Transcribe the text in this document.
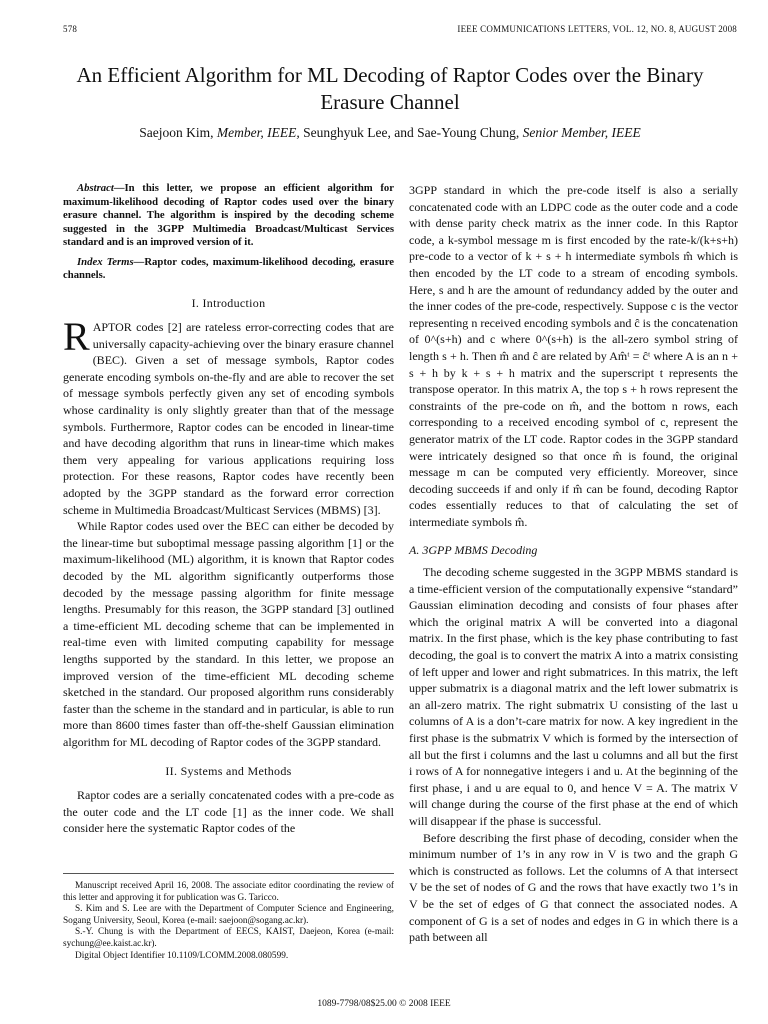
578	IEEE COMMUNICATIONS LETTERS, VOL. 12, NO. 8, AUGUST 2008
An Efficient Algorithm for ML Decoding of Raptor Codes over the Binary Erasure Channel
Saejoon Kim, Member, IEEE, Seunghyuk Lee, and Sae-Young Chung, Senior Member, IEEE

Abstract—In this letter, we propose an efficient algorithm for maximum-likelihood decoding of Raptor codes used over the binary erasure channel. The algorithm is inspired by the decoding scheme suggested in the 3GPP Multimedia Broadcast/Multicast Services standard and is an improved version of it.

Index Terms—Raptor codes, maximum-likelihood decoding, erasure channels.

I. Introduction

RAPTOR codes [2] are rateless error-correcting codes that are universally capacity-achieving over the binary erasure channel (BEC). Given a set of message symbols, Raptor codes generate encoding symbols on-the-fly and are able to recover the set of message symbols perfectly given any set of encoding symbols whose cardinality is only slightly greater than that of the message symbols. Furthermore, Raptor codes can be encoded in linear-time and have decoding algorithm that runs in linear-time which makes them very appealing for various applications requiring loss protection. For these reasons, Raptor codes have recently been adopted by the 3GPP standard as the forward error correction scheme in Multimedia Broadcast/Multicast Services (MBMS) [3].

While Raptor codes used over the BEC can either be decoded by the linear-time but suboptimal message passing algorithm [1] or the maximum-likelihood (ML) algorithm, it is known that Raptor codes decoded by the ML algorithm significantly outperforms those decoded by the message passing algorithm for finite message lengths. Presumably for this reason, the 3GPP standard [3] outlined a time-efficient ML decoding scheme that can be implemented in real-time even with limited computing capability for message lengths supported by the standard. In this letter, we propose an improved version of the time-efficient ML decoding scheme sketched in the standard. Our proposed algorithm runs considerably faster than the scheme in the standard and in particular, is able to run more than 8600 times faster than off-the-shelf Gaussian elimination algorithm for ML decoding of Raptor codes of the 3GPP standard.

II. Systems and Methods

Raptor codes are a serially concatenated codes with a pre-code as the outer code and the LT code [1] as the inner code. We shall consider here the systematic Raptor codes of the

Manuscript received April 16, 2008. The associate editor coordinating the review of this letter and approving it for publication was G. Taricco.

S. Kim and S. Lee are with the Department of Computer Science and Engineering, Sogang University, Seoul, Korea (e-mail: saejoon@sogang.ac.kr).

S.-Y. Chung is with the Department of EECS, KAIST, Daejeon, Korea (e-mail: sychung@ee.kaist.ac.kr).

Digital Object Identifier 10.1109/LCOMM.2008.080599.

3GPP standard in which the pre-code itself is also a serially concatenated code with an LDPC code as the outer code and a code with dense parity check matrix as the inner code. In this Raptor code, a k-symbol message m is first encoded by the rate-k/(k+s+h) pre-code to a vector of k + s + h intermediate symbols m̂ which is then encoded by the LT code to a stream of encoding symbols. Here, s and h are the amount of redundancy added by the outer and the inner codes of the pre-code, respectively. Suppose c is the vector representing n received encoding symbols and ĉ is the concatenation of 0^(s+h) and c where 0^(s+h) is the all-zero symbol string of length s + h. Then m̂ and ĉ are related by Am̂ᵗ = ĉᵗ where A is an n + s + h by k + s + h matrix and the superscript t represents the transpose operator. In this matrix A, the top s + h rows represent the constraints of the pre-code on m̂, and the bottom n rows, each corresponding to a received encoding symbol of c, represent the generator matrix of the LT code. Raptor codes in the 3GPP standard were intricately designed so that once m̂ is found, the original message m can be computed very efficiently. Moreover, since decoding succeeds if and only if m̂ can be found, decoding Raptor codes essentially reduces to that of calculating the set of intermediate symbols m̂.

A. 3GPP MBMS Decoding

The decoding scheme suggested in the 3GPP MBMS standard is a time-efficient version of the computationally expensive “standard” Gaussian elimination decoding and consists of four phases after which the original matrix A will be converted into a diagonal matrix. In the first phase, which is the key phase contributing to fast decoding, the goal is to convert the matrix A into a matrix consisting of left upper and lower and right submatrices. In this matrix, the left upper submatrix is a diagonal matrix and the left lower submatrix is an all-zero matrix. The right submatrix U consisting of the last u columns of A is a don’t-care matrix for now. A key ingredient in the first phase is the submatrix V which is formed by the intersection of all but the first i columns and the last u columns and all but the first i rows of A for nonnegative integers i and u. At the beginning of the first phase, i and u are equal to 0, and hence V = A. The matrix V will change during the course of the first phase at the end of which will disappear if the phase is successful.

Before describing the first phase of decoding, consider when the minimum number of 1’s in any row in V is two and the graph G which is constructed as follows. Let the columns of A that intersect V be the set of nodes of G and the rows that have exactly two 1’s in V be the set of edges of G that connect the associated nodes. A component of G is a set of nodes and edges in G in which there is a path between all

1089-7798/08$25.00 © 2008 IEEE
